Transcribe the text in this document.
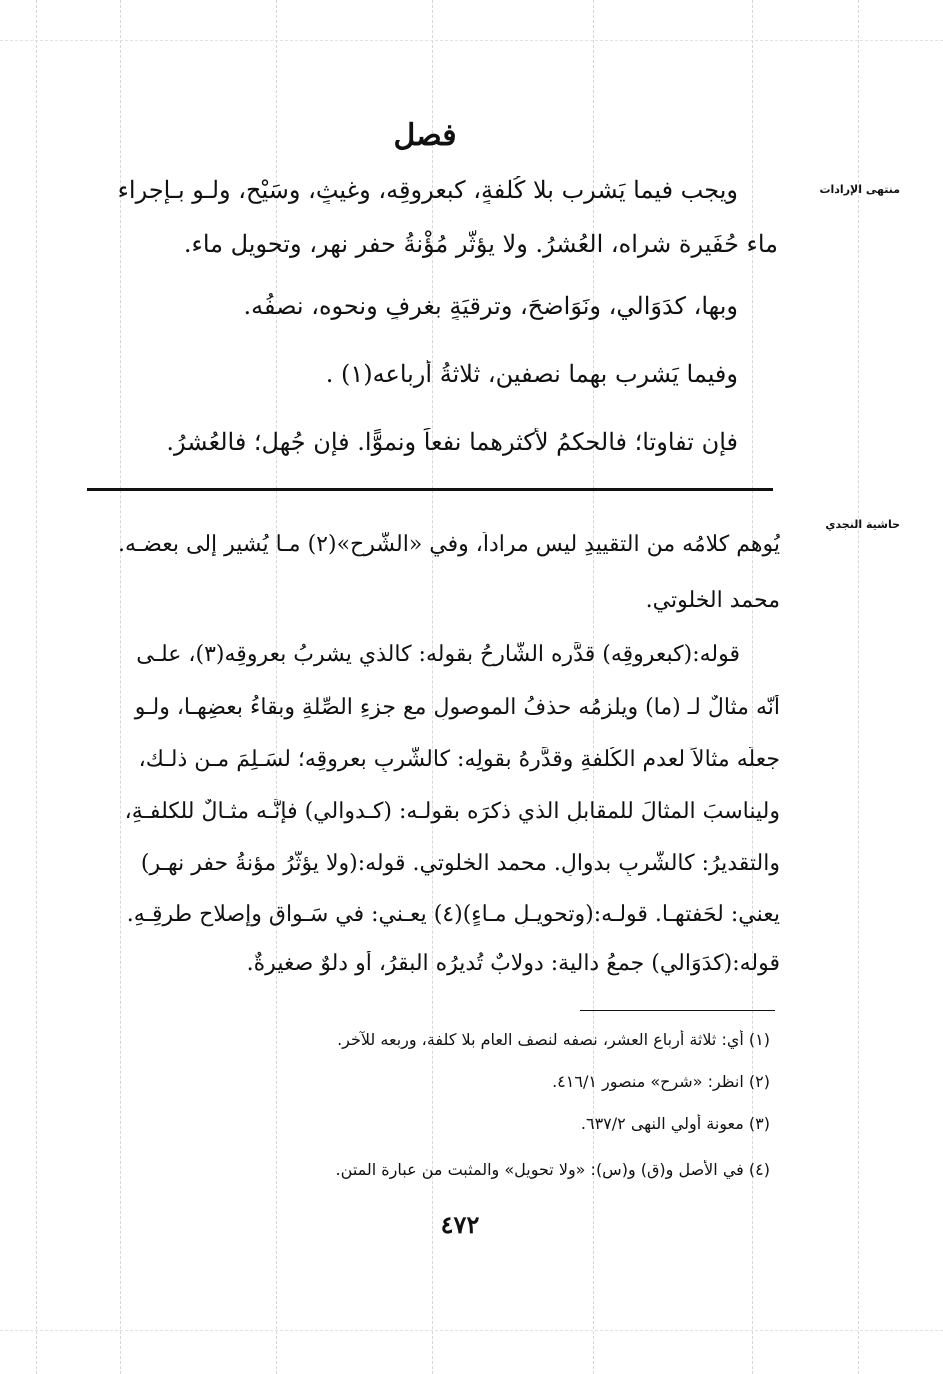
فصل
منتهى الإرادات
حاشية النجدي
ويجب فيما يَشرب بلا كُلفةٍ، كبعروقِه، وغيثٍ، وسَيْحٍ، ولـو بـإجراء
ماء حُفَيرة شراه، العُشرُ. ولا يؤثّر مُؤْنةُ حفرِ نهر، وتحويلِ ماء.
وبها، كدَوَالي، ونَوَاضحَ، وترقيَةٍ بغرفٍ ونحوه، نصفُه.
وفيما يَشرب بهما نصفين، ثلاثةُ أرباعه(١) .
فإن تفاوتا؛ فالحكمُ لأكثرِهما نفعاً ونموًّا. فإن جُهل؛ فالعُشرُ.
يُوهم كلامُه من التقييدِ ليس مراداً، وفي «الشّرح»(٢) مـا يُشير إلى بعضـه.
محمد الخلوتي.
قوله:(كبعروقِه) قدَّره الشَّارحُ بقوله: كالذي يشربُ بعروقِه(٣)، علـى
أنّه مثالٌ لـ (ما) ويلزمُه حذفُ الموصولِ مع جزءِ الصِّلةِ وبقاءُ بعضِهـا، ولـو
جعلَه مثالاً لعدمِ الكُلفةِ وقدَّرهُ بقولِه: كالشُّربِ بعروقِه؛ لسَـلِمَ مـن ذلـك،
وليناسبَ المثالَ للمقابلِ الذي ذكرَه بقولـه: (كـدوالي) فإنَّـه مثـالٌ للكلفـةِ،
والتقديرُ: كالشُّربِ بدوالٍ. محمد الخلوتي. قوله:(ولا يؤثّرُ مؤنةُ حفرِ نهـرٍ)
يعني: لحَفتهـا. قولـه:(وتحويـلِ مـاءٍ)(٤) يعـني: في سَـواقٍ وإصلاحِ طرقِـهِ.
قوله:(كدَوَالي) جمعُ دالية: دولابٌ تُديرُه البقرُ، أو دلوٌ صغيرةٌ.
(١) أي: ثلاثة أرباع العشر، نصفه لنصف العام بلا كلفة، وربعه للآخر.
(٢) انظر: «شرح» منصور ٤١٦/١.
(٣) معونة أولي النهى ٦٣٧/٢.
(٤) في الأصل و(ق) و(س): «ولا تحويل» والمثبت من عبارة المتن.
٤٧٢
